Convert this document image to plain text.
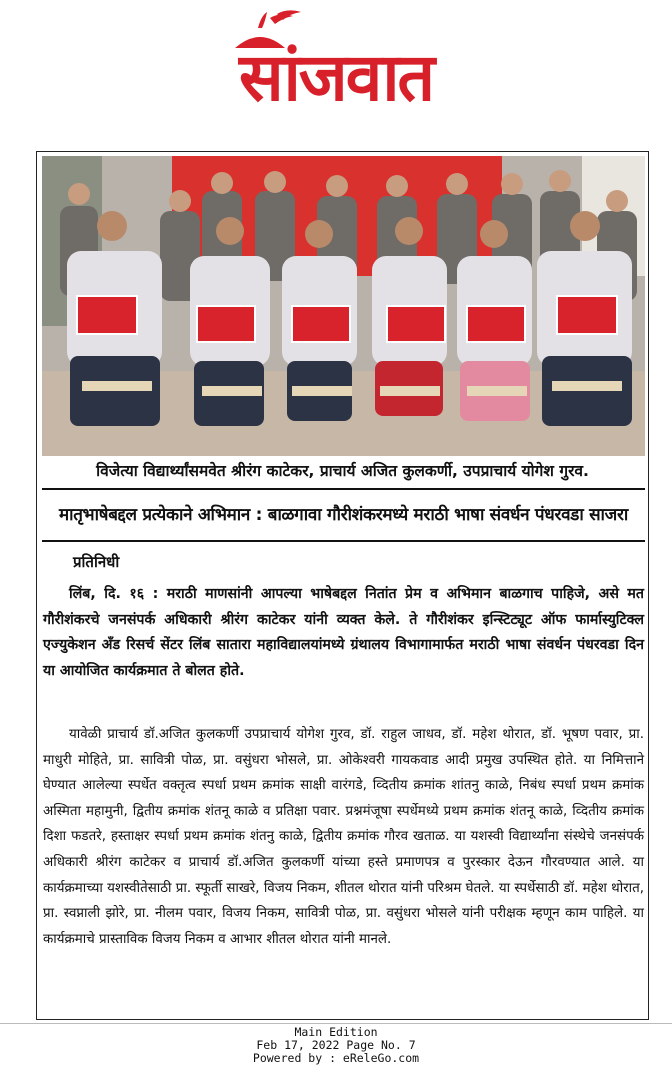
सांजवात
विजेत्या विद्यार्थ्यांसमवेत श्रीरंग काटेकर, प्राचार्य अजित कुलकर्णी, उपप्राचार्य योगेश गुरव.
मातृभाषेबद्दल प्रत्येकाने अभिमान : बाळगावा गौरीशंकरमध्ये मराठी भाषा संवर्धन पंधरवडा साजरा
प्रतिनिधी
लिंब, दि. १६ : मराठी माणसांनी आपल्या भाषेबद्दल नितांत प्रेम व अभिमान बाळगाच पाहिजे, असे मत गौरीशंकरचे जनसंपर्क अधिकारी श्रीरंग काटेकर यांनी व्यक्त केले. ते गौरीशंकर इन्स्टिट्यूट ऑफ फार्मास्युटिक्ल एज्युकेशन अँड रिसर्च सेंटर लिंब सातारा महाविद्यालयांमध्ये ग्रंथालय विभागामार्फत मराठी भाषा संवर्धन पंधरवडा दिन या आयोजित कार्यक्रमात ते बोलत होते.
यावेळी प्राचार्य डॉ.अजित कुलकर्णी उपप्राचार्य योगेश गुरव, डॉ. राहुल जाधव, डॉ. महेश थोरात, डॉ. भूषण पवार, प्रा. माधुरी मोहिते, प्रा. सावित्री पोळ, प्रा. वसुंधरा भोसले, प्रा. ओकेश्वरी गायकवाड आदी प्रमुख उपस्थित होते. या निमित्ताने घेण्यात आलेल्या स्पर्धेत वक्तृत्व स्पर्धा प्रथम क्रमांक साक्षी वारंगडे, व्दितीय क्रमांक शांतनु काळे, निबंध स्पर्धा प्रथम क्रमांक अस्मिता महामुनी, द्वितीय क्रमांक शंतनू काळे व प्रतिक्षा पवार. प्रश्नमंजूषा स्पर्धेमध्ये प्रथम क्रमांक शंतनू काळे, व्दितीय क्रमांक दिशा फडतरे, हस्ताक्षर स्पर्धा प्रथम क्रमांक शंतनु काळे, द्वितीय क्रमांक गौरव खताळ. या यशस्वी विद्यार्थ्यांना संस्थेचे जनसंपर्क अधिकारी श्रीरंग काटेकर व प्राचार्य डॉ.अजित कुलकर्णी यांच्या हस्ते प्रमाणपत्र व पुरस्कार देऊन गौरवण्यात आले. या कार्यक्रमाच्या यशस्वीतेसाठी प्रा. स्फूर्ती साखरे, विजय निकम, शीतल थोरात यांनी परिश्रम घेतले. या स्पर्धेसाठी डॉ. महेश थोरात, प्रा. स्वप्नाली झोरे, प्रा. नीलम पवार, विजय निकम, सावित्री पोळ, प्रा. वसुंधरा भोसले यांनी परीक्षक म्हणून काम पाहिले. या कार्यक्रमाचे प्रास्ताविक विजय निकम व आभार शीतल थोरात यांनी मानले.
Main Edition
Feb 17, 2022 Page No. 7
Powered by : eReleGo.com
